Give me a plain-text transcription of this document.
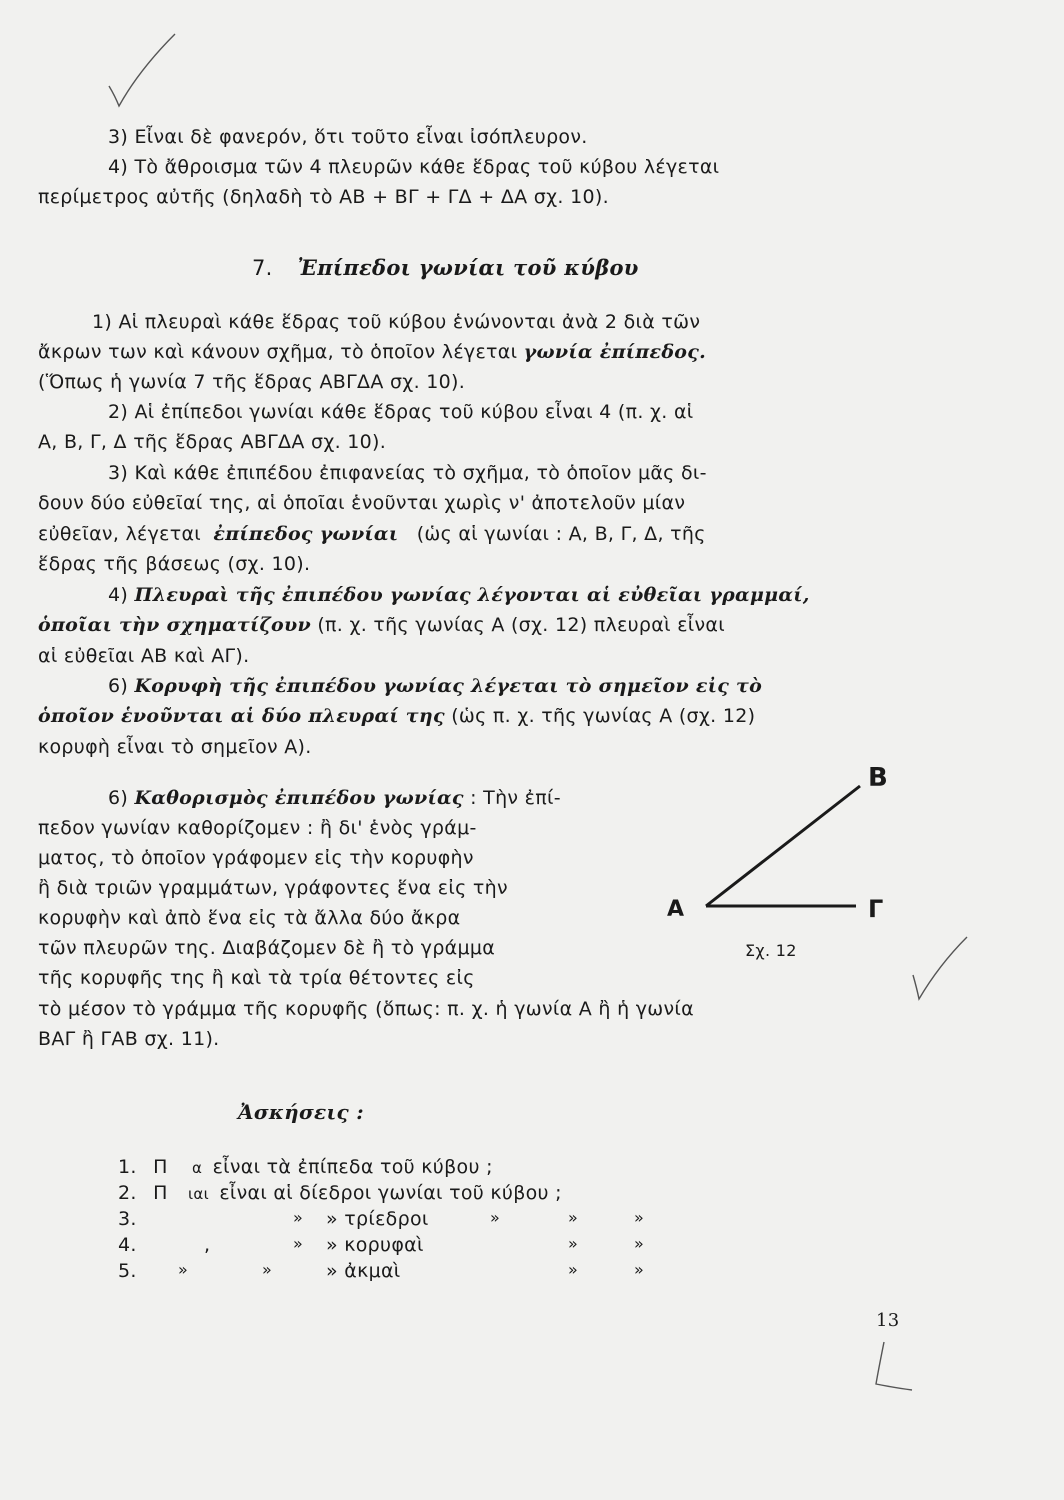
3) Εἶναι δὲ φανερόν, ὅτι τοῦτο εἶναι ἰσόπλευρον.
4) Τὸ ἄθροισμα τῶν 4 πλευρῶν κάθε ἕδρας τοῦ κύβου λέγεται
περίμετρος αὐτῆς (δηλαδὴ τὸ ΑΒ + ΒΓ + ΓΔ + ΔΑ σχ. 10).
7. Ἐπίπεδοι γωνίαι τοῦ κύβου
1) Αἱ πλευραὶ κάθε ἕδρας τοῦ κύβου ἑνώνονται ἀνὰ 2 διὰ τῶν
ἄκρων των καὶ κάνουν σχῆμα, τὸ ὁποῖον λέγεται γωνία ἐπίπεδος.
(Ὅπως ἡ γωνία 7 τῆς ἕδρας ΑΒΓΔΑ σχ. 10).
2) Αἱ ἐπίπεδοι γωνίαι κάθε ἕδρας τοῦ κύβου εἶναι 4 (π. χ. αἱ
Α, Β, Γ, Δ τῆς ἕδρας ΑΒΓΔΑ σχ. 10).
3) Καὶ κάθε ἐπιπέδου ἐπιφανείας τὸ σχῆμα, τὸ ὁποῖον μᾶς δι-
δουν δύο εὐθεῖαί της, αἱ ὁποῖαι ἑνοῦνται χωρὶς ν' ἀποτελοῦν μίαν
εὐθεῖαν, λέγεται ἐπίπεδος γωνίαι (ὡς αἱ γωνίαι : Α, Β, Γ, Δ, τῆς
ἕδρας τῆς βάσεως (σχ. 10).
4) Πλευραὶ τῆς ἐπιπέδου γωνίας λέγονται αἱ εὐθεῖαι γραμμαί,
ὁποῖαι τὴν σχηματίζουν (π. χ. τῆς γωνίας Α (σχ. 12) πλευραὶ εἶναι
αἱ εὐθεῖαι ΑΒ καὶ ΑΓ).
6) Κορυφὴ τῆς ἐπιπέδου γωνίας λέγεται τὸ σημεῖον εἰς τὸ
ὁποῖον ἑνοῦνται αἱ δύο πλευραί της (ὡς π. χ. τῆς γωνίας Α (σχ. 12)
κορυφὴ εἶναι τὸ σημεῖον Α).
6) Καθορισμὸς ἐπιπέδου γωνίας : Τὴν ἐπί-
πεδον γωνίαν καθορίζομεν : ἢ δι' ἑνὸς γράμ-
ματος, τὸ ὁποῖον γράφομεν εἰς τὴν κορυφὴν
ἢ διὰ τριῶν γραμμάτων, γράφοντες ἕνα εἰς τὴν
κορυφὴν καὶ ἀπὸ ἕνα εἰς τὰ ἄλλα δύο ἄκρα
τῶν πλευρῶν της. Διαβάζομεν δὲ ἢ τὸ γράμμα
τῆς κορυφῆς της ἢ καὶ τὰ τρία θέτοντες εἰς
τὸ μέσον τὸ γράμμα τῆς κορυφῆς (ὅπως: π. χ. ἡ γωνία Α ἢ ἡ γωνία
ΒΑΓ ἢ ΓΑΒ σχ. 11).
Α
Β
Γ
Σχ. 12
Ἀσκήσεις :
1. Π α εἶναι τὰ ἐπίπεδα τοῦ κύβου ;
2. Π ιαι εἶναι αἱ δίεδροι γωνίαι τοῦ κύβου ;
3.	» » τρίεδροι	»	»	»
4.	,	» » κορυφαὶ	»	»
5.	»	»	» ἀκμαὶ	»	»
13
